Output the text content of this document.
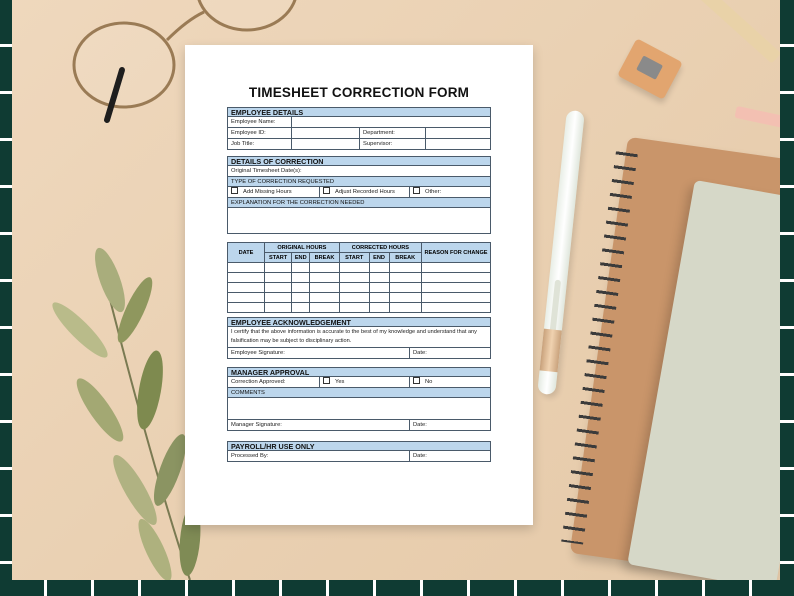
TIMESHEET CORRECTION FORM
EMPLOYEE DETAILS
Employee Name:
Employee ID:	Department:
Job Title:	Supervisor:
DETAILS OF CORRECTION
Original Timesheet Date(s):
TYPE OF CORRECTION REQUESTED
Add Missing Hours	Adjust Recorded Hours	Other:
EXPLANATION FOR THE CORRECTION NEEDED
DATE	ORIGINAL HOURS			CORRECTED HOURS			REASON FOR CHANGE
	START	END	BREAK	START	END	BREAK	

EMPLOYEE ACKNOWLEDGEMENT
I certify that the above information is accurate to the best of my knowledge and understand that any falsification may be subject to disciplinary action.
Employee Signature:	Date:
MANAGER APPROVAL
Correction Approved:	Yes	No
COMMENTS
Manager Signature:	Date:
PAYROLL/HR USE ONLY
Processed By:	Date:
